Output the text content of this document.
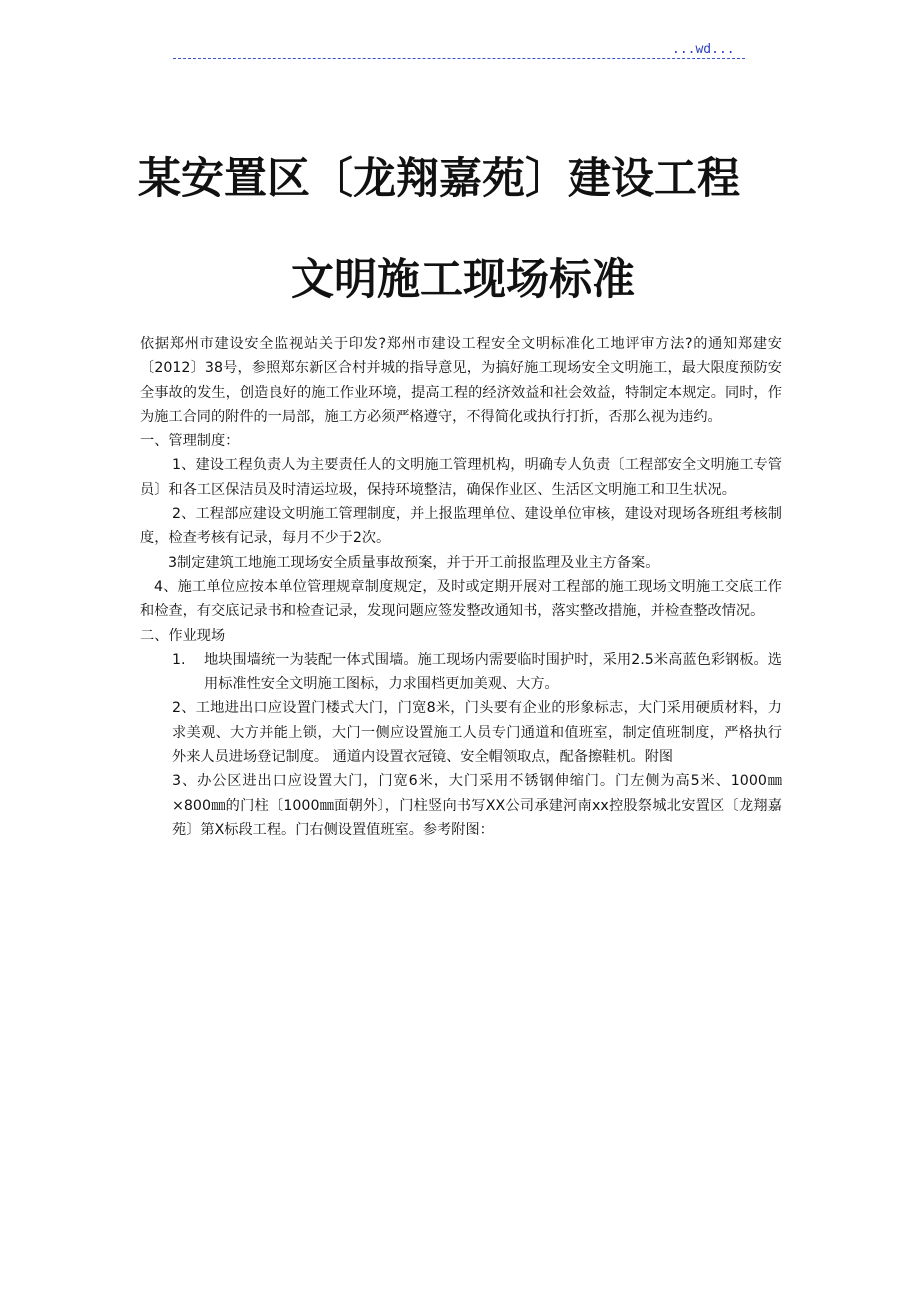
...wd...
某安置区〔龙翔嘉苑〕建设工程
文明施工现场标准

依据郑州市建设安全监视站关于印发?郑州市建设工程安全文明标准化工地评审方法?的通知郑建安〔2012〕38号，参照郑东新区合村并城的指导意见，为搞好施工现场安全文明施工，最大限度预防安全事故的发生，创造良好的施工作业环境，提高工程的经济效益和社会效益，特制定本规定。同时，作为施工合同的附件的一局部，施工方必须严格遵守，不得简化或执行打折，否那么视为违约。

一、管理制度：

1、建设工程负责人为主要责任人的文明施工管理机构，明确专人负责〔工程部安全文明施工专管员〕和各工区保洁员及时清运垃圾，保持环境整洁，确保作业区、生活区文明施工和卫生状况。

2、工程部应建设文明施工管理制度，并上报监理单位、建设单位审核，建设对现场各班组考核制度，检查考核有记录，每月不少于2次。

3制定建筑工地施工现场安全质量事故预案，并于开工前报监理及业主方备案。

4、施工单位应按本单位管理规章制度规定，及时或定期开展对工程部的施工现场文明施工交底工作和检查，有交底记录书和检查记录，发现问题应签发整改通知书，落实整改措施，并检查整改情况。

二、作业现场

1.	地块围墙统一为装配一体式围墙。施工现场内需要临时围护时，采用2.5米高蓝色彩钢板。选用标准性安全文明施工图标，力求围档更加美观、大方。

2、工地进出口应设置门楼式大门，门宽8米，门头要有企业的形象标志，大门采用硬质材料，力求美观、大方并能上锁，大门一侧应设置施工人员专门通道和值班室，制定值班制度，严格执行外来人员进场登记制度。 通道内设置衣冠镜、安全帽领取点，配备擦鞋机。附图

3、办公区进出口应设置大门，门宽6米，大门采用不锈钢伸缩门。门左侧为高5米、1000㎜×800㎜的门柱〔1000㎜面朝外〕，门柱竖向书写XX公司承建河南xx控股祭城北安置区〔龙翔嘉苑〕第X标段工程。门右侧设置值班室。参考附图：
